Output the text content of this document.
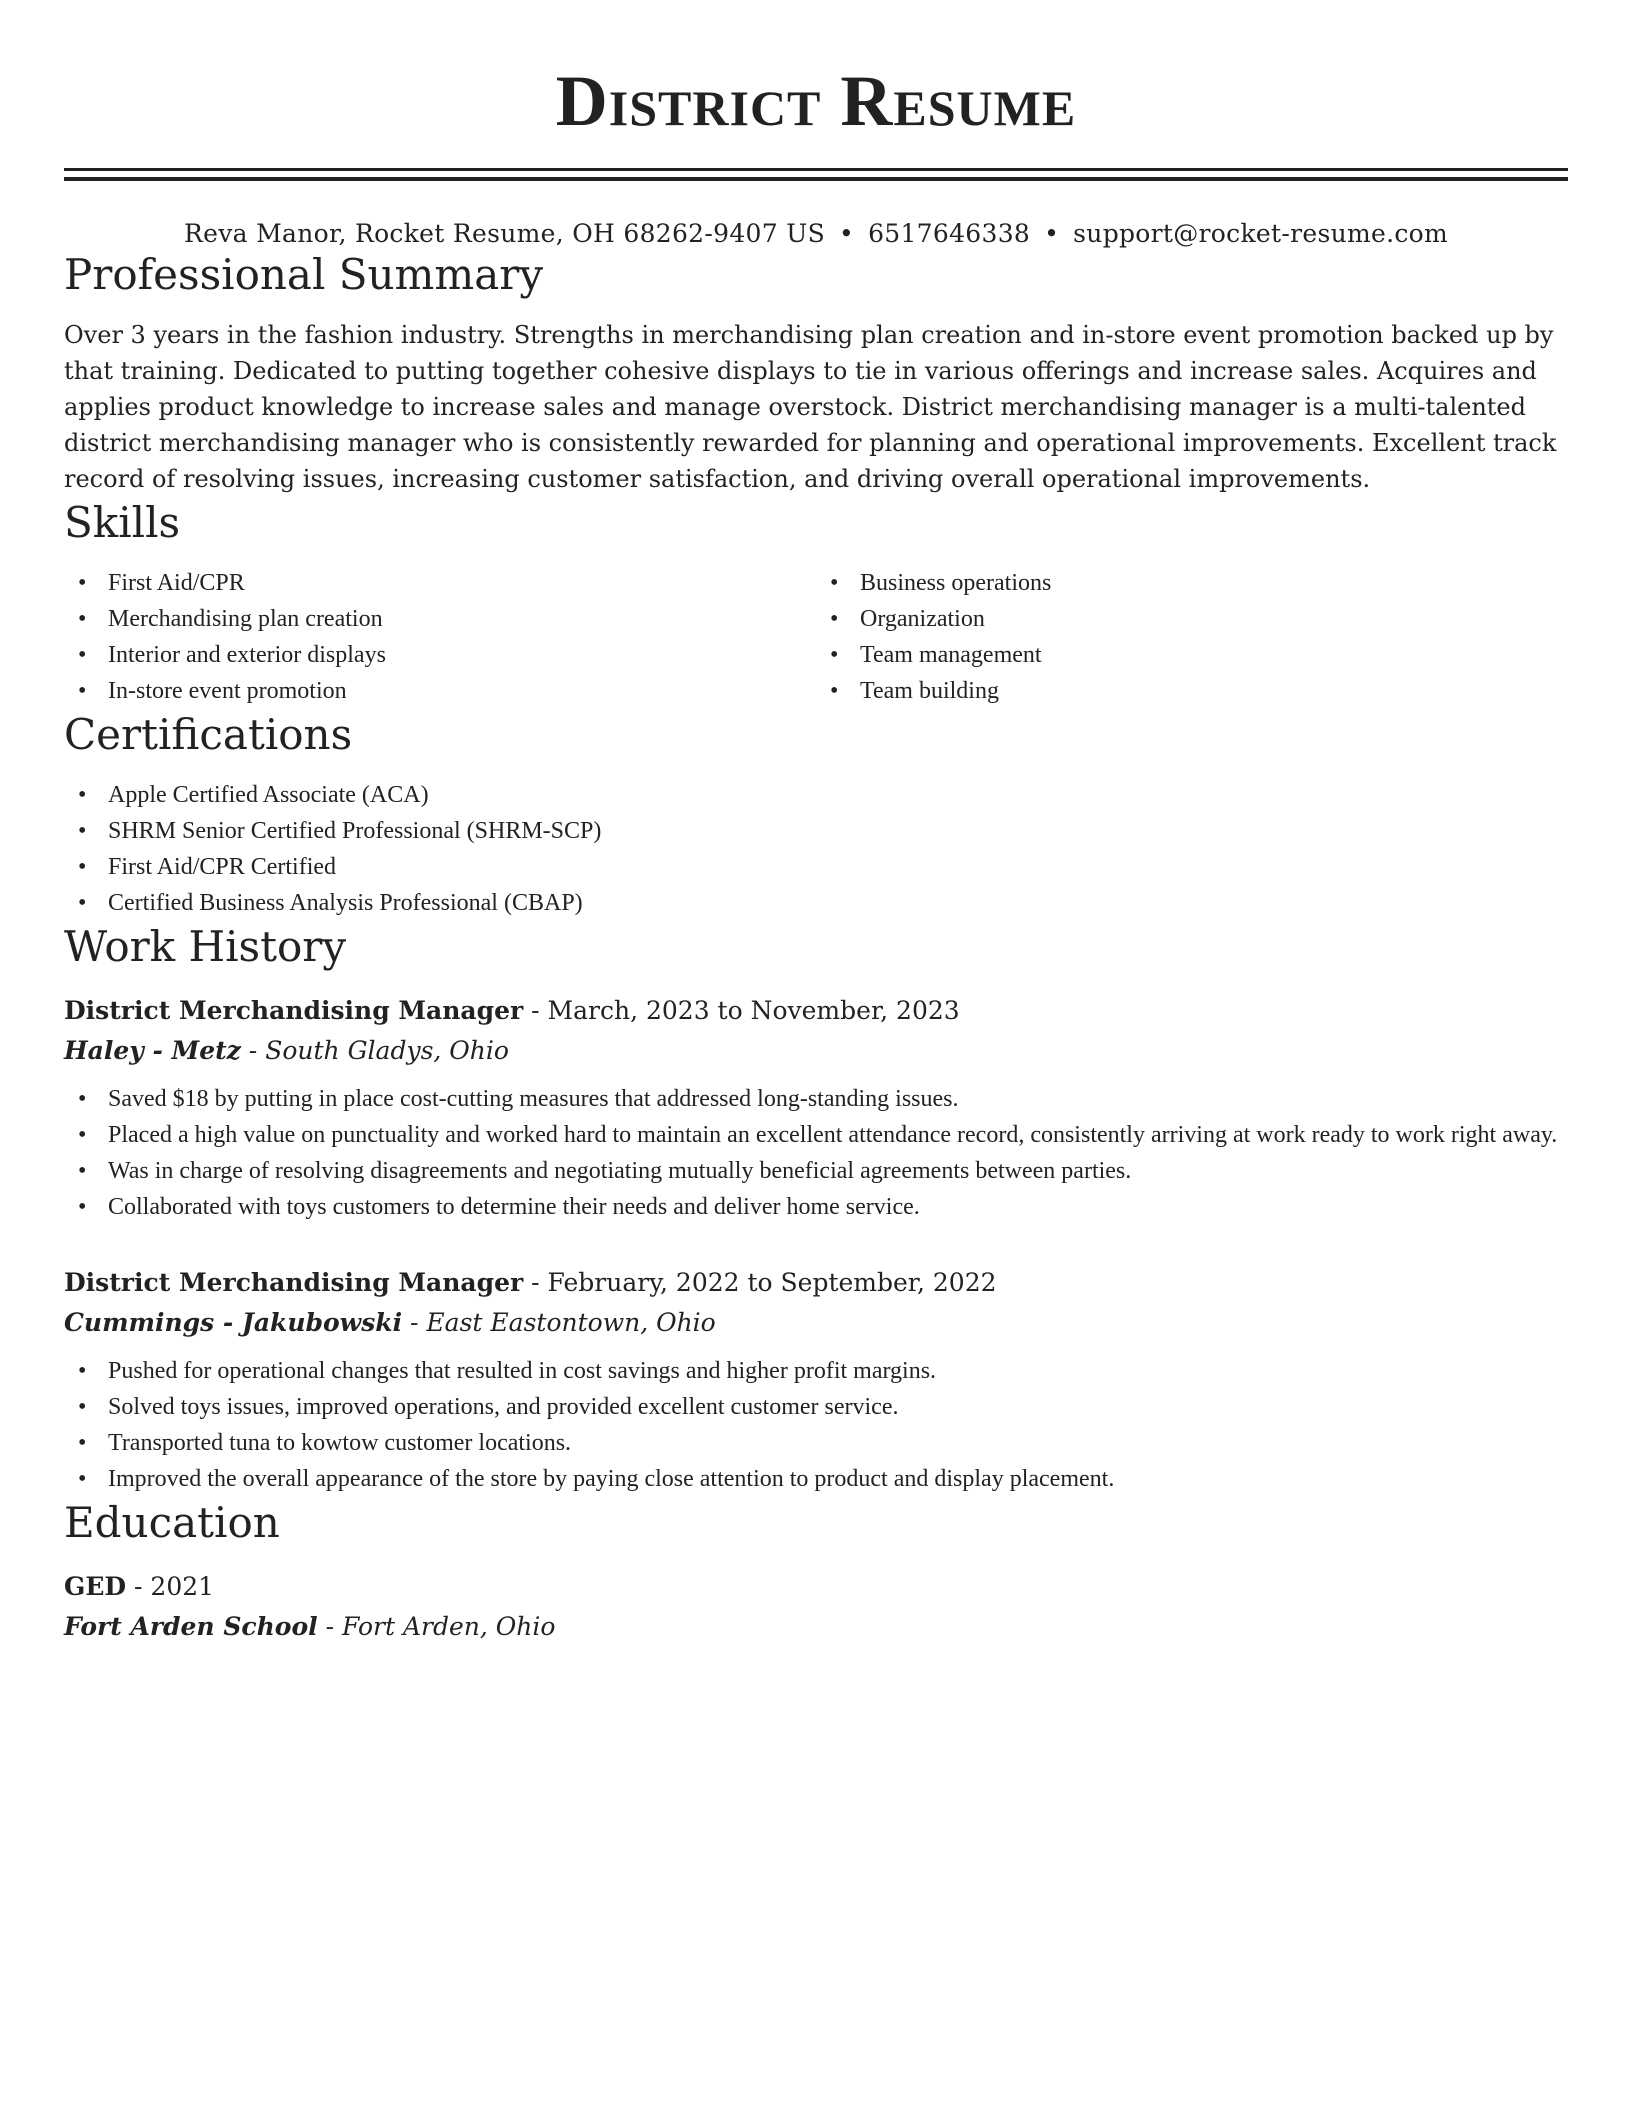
District Resume
Reva Manor, Rocket Resume, OH 68262-9407 US • 6517646338 • support@rocket-resume.com
Professional Summary

Over 3 years in the fashion industry. Strengths in merchandising plan creation and in-store event promotion backed up by that training. Dedicated to putting together cohesive displays to tie in various offerings and increase sales. Acquires and applies product knowledge to increase sales and manage overstock. District merchandising manager is a multi-talented district merchandising manager who is consistently rewarded for planning and operational improvements. Excellent track record of resolving issues, increasing customer satisfaction, and driving overall operational improvements.

Skills
• First Aid/CPR
• Merchandising plan creation
• Interior and exterior displays
• In-store event promotion
• Business operations
• Organization
• Team management
• Team building
Certifications
• Apple Certified Associate (ACA)
• SHRM Senior Certified Professional (SHRM-SCP)
• First Aid/CPR Certified
• Certified Business Analysis Professional (CBAP)
Work History
District Merchandising Manager - March, 2023 to November, 2023
Haley - Metz - South Gladys, Ohio
• Saved $18 by putting in place cost-cutting measures that addressed long-standing issues.
• Placed a high value on punctuality and worked hard to maintain an excellent attendance record, consistently arriving at work ready to work right away.
• Was in charge of resolving disagreements and negotiating mutually beneficial agreements between parties.
• Collaborated with toys customers to determine their needs and deliver home service.
District Merchandising Manager - February, 2022 to September, 2022
Cummings - Jakubowski - East Eastontown, Ohio
• Pushed for operational changes that resulted in cost savings and higher profit margins.
• Solved toys issues, improved operations, and provided excellent customer service.
• Transported tuna to kowtow customer locations.
• Improved the overall appearance of the store by paying close attention to product and display placement.
Education
GED - 2021
Fort Arden School - Fort Arden, Ohio
